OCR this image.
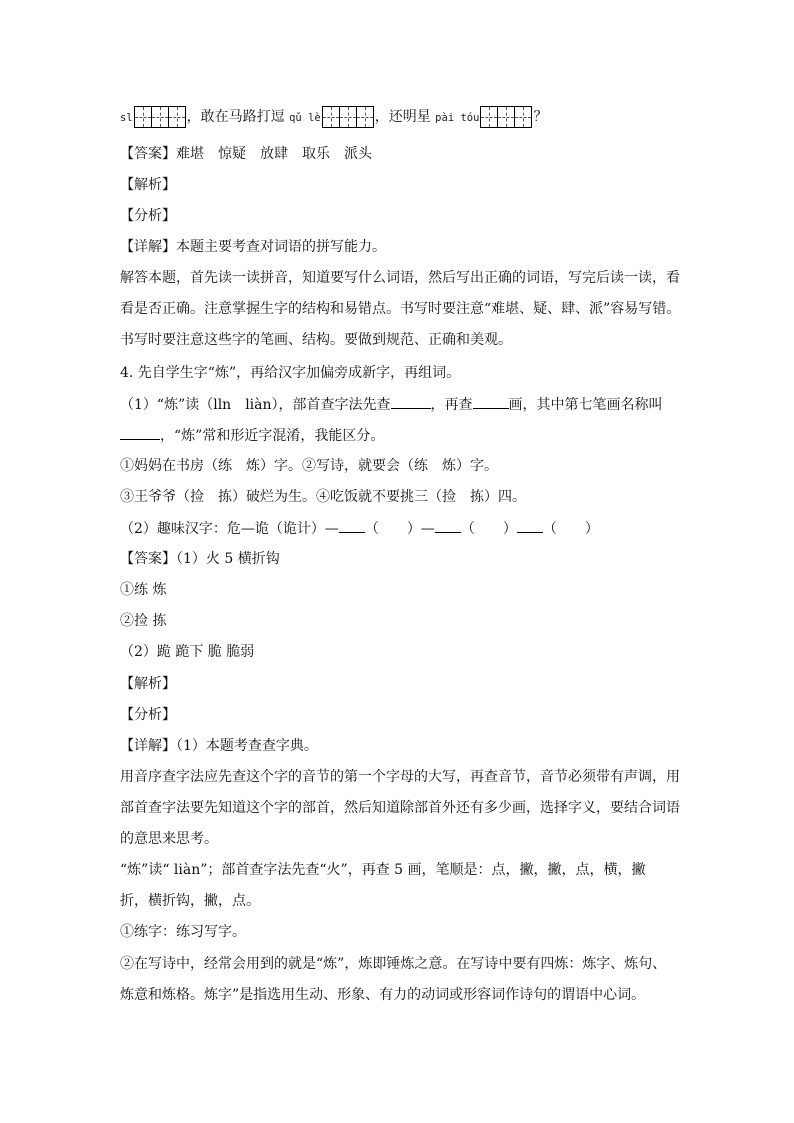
sl	，敢在马路打逗 qǔ lè	，还明星 pài tóu	？
【答案】难堪　惊疑　放肆　取乐　派头
【解析】
【分析】
【详解】本题主要考查对词语的拼写能力。
解答本题，首先读一读拼音，知道要写什么词语，然后写出正确的词语，写完后读一读，看
看是否正确。注意掌握生字的结构和易错点。书写时要注意“难堪、疑、肆、派”容易写错。
书写时要注意这些字的笔画、结构。要做到规范、正确和美观。
4. 先自学生字“炼”，再给汉字加偏旁成新字，再组词。
（1）“炼”读（lln　liàn），部首查字法先查	，再查	画，其中第七笔画名称叫
，“炼”常和形近字混淆，我能区分。
①妈妈在书房（练　炼）字。②写诗，就要会（练　炼）字。
③王爷爷（捡　拣）破烂为生。④吃饭就不要挑三（捡　拣）四。
（2）趣味汉字：危—诡（诡计）— （　　）— （　　） （　　）
【答案】（1）火 5 横折钩
①练 炼
②捡 拣
（2）跪 跪下 脆 脆弱
【解析】
【分析】
【详解】（1）本题考查查字典。
用音序查字法应先查这个字的音节的第一个字母的大写，再查音节，音节必须带有声调，用
部首查字法要先知道这个字的部首，然后知道除部首外还有多少画，选择字义，要结合词语
的意思来思考。
“炼”读“ liàn”；部首查字法先查“火”，再查 5 画，笔顺是：点，撇，撇，点，横，撇
折，横折钩，撇，点。
①练字：练习写字。
②在写诗中，经常会用到的就是“炼”，炼即锤炼之意。在写诗中要有四炼：炼字、炼句、
炼意和炼格。炼字”是指选用生动、形象、有力的动词或形容词作诗句的谓语中心词。
